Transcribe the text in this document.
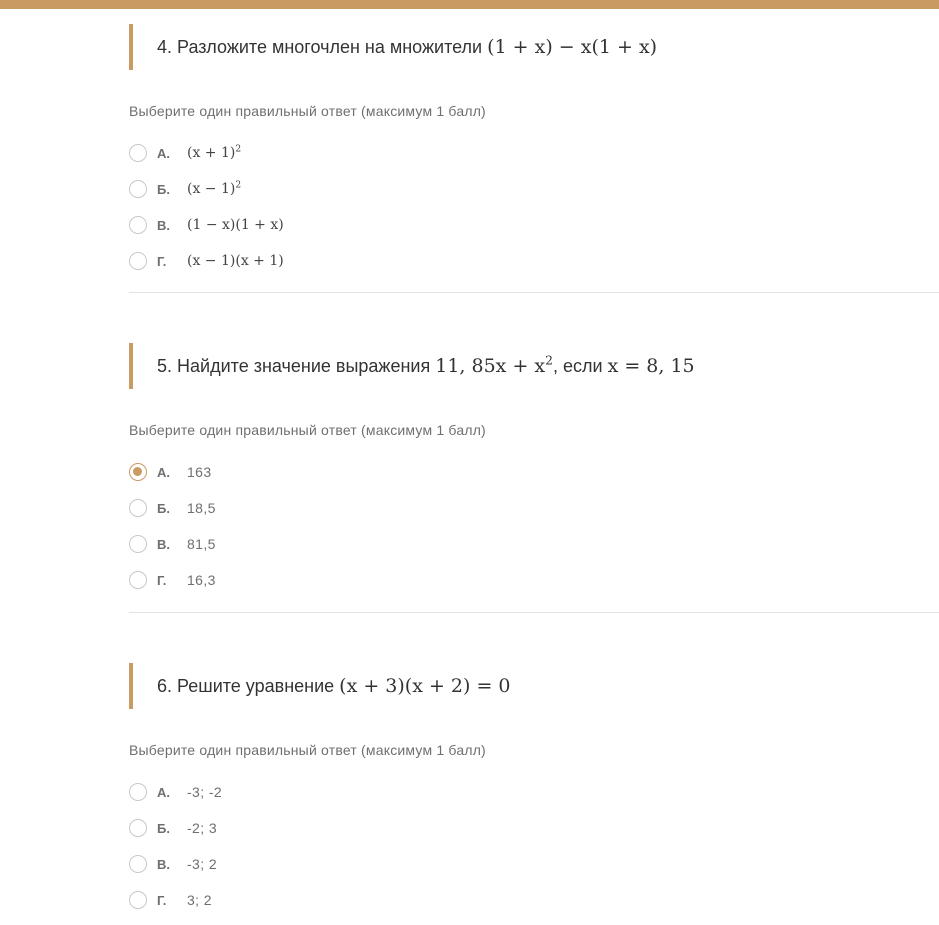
4.
Разложите многочлен на множители
(1 + x) − x(1 + x)
Выберите один правильный ответ (максимум 1 балл)
А.	$(x + 1)^2$
Б.	$(x - 1)^2$
В.	(1 − x)(1 + x)
Г.	(x − 1)(x + 1)
5.
Найдите значение выражения
11, $85x + x^2$ , если
x = 8, 15
Выберите один правильный ответ (максимум 1 балл)
А.	163
Б.	18,5
В.	81,5
Г.	16,3
6.
Решите уравнение
(x + 3)(x + 2) = 0
Выберите один правильный ответ (максимум 1 балл)
А.	-3; -2
Б.	-2; 3
В.	-3; 2
Г.	3; 2
